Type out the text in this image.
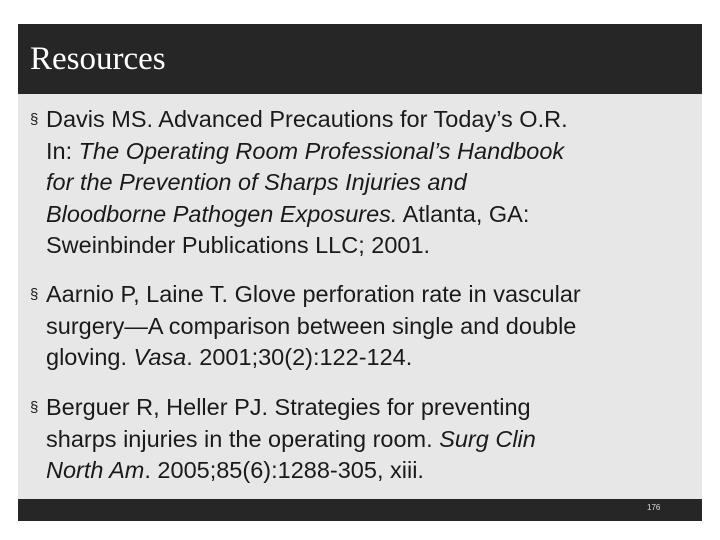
Resources
§ Davis MS. Advanced Precautions for Today’s O.R.
In: The Operating Room Professional’s Handbook
for the Prevention of Sharps Injuries and
Bloodborne Pathogen Exposures. Atlanta, GA:
Sweinbinder Publications LLC; 2001.
§ Aarnio P, Laine T. Glove perforation rate in vascular
surgery—A comparison between single and double
gloving. Vasa. 2001;30(2):122-124.
§ Berguer R, Heller PJ. Strategies for preventing
sharps injuries in the operating room. Surg Clin
North Am. 2005;85(6):1288-305, xiii.
176
